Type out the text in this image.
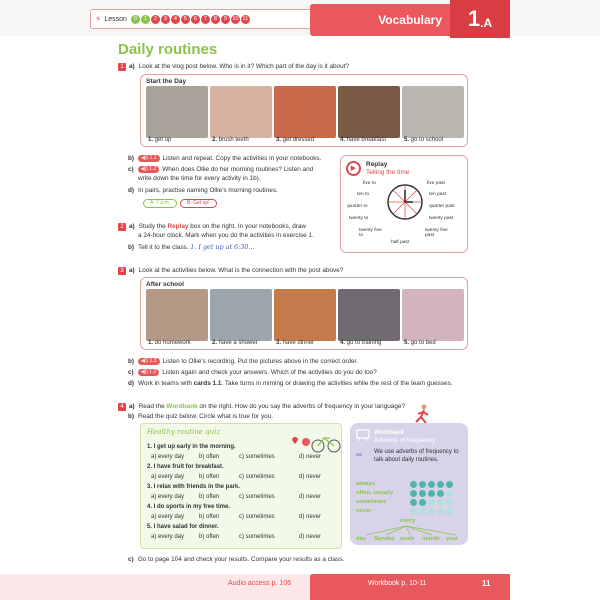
⚡ Lesson	0 1 2 3 4 5 6 7 8 9 10 11	Vocabulary	1 .A
Daily routines
1 a) Look at the vlog post below. Who is in it? Which part of the day is it about?
Start the Day
1. get up	2. brush teeth	3. get dressed	4. have breakfast	5. go to school
b) ◀)) 1.1 Listen and repeat. Copy the activities in your notebooks.
c) ◀)) 1.2 When does Ollie do her morning routines? Listen and
write down the time for every activity in 1b).
d) In pairs, practise naming Ollie's morning routines.
A: 7 a.m.	B: Get up!
▶
Replay
Telling the time
five to	five past
ten to	ten past
quarter to	quarter past
twenty to	twenty past
twenty five to
twenty five past
half past
2 a) Study the Replay box on the right. In your notebooks, draw
a 24-hour clock. Mark when you do the activities in exercise 1.
b) Tell it to the class. 1. I get up at 6:30...
3 a) Look at the activities below. What is the connection with the post above?
After school
1. do homework	2. have a shower	3. have dinner	4. go to training	5. go to bed
b) ◀)) 1.3 Listen to Ollie's recording. Put the pictures above in the correct order.
c) ◀)) 1.3 Listen again and check your answers. Which of the activities do you do too?
d) Work in teams with cards 1.1. Take turns in miming or drawing the activities while the rest of the team guesses.
4 a) Read the Wordbank on the right. How do you say the adverbs of frequency in your language?
b) Read the quiz below. Circle what is true for you.
Healthy routine quiz
1. I get up early in the morning.
a) every day b) often	c) sometimes	d) never
2. I have fruit for breakfast.
a) every day b) often	c) sometimes	d) never
3. I relax with friends in the park.
a) every day b) often	c) sometimes	d) never
4. I do sports in my free time.
a) every day b) often	c) sometimes	d) never
5. I have salad for dinner.
a) every day b) often	c) sometimes	d) never
Wordbank
Adverbs of frequency
∞ We use adverbs of frequency to talk about daily routines.
always
often, usually
sometimes
never
every
day Sunday week month year
c) Go to page 104 and check your results. Compare your results as a class.
Audio access p. 106	Workbook p. 10-11	11
